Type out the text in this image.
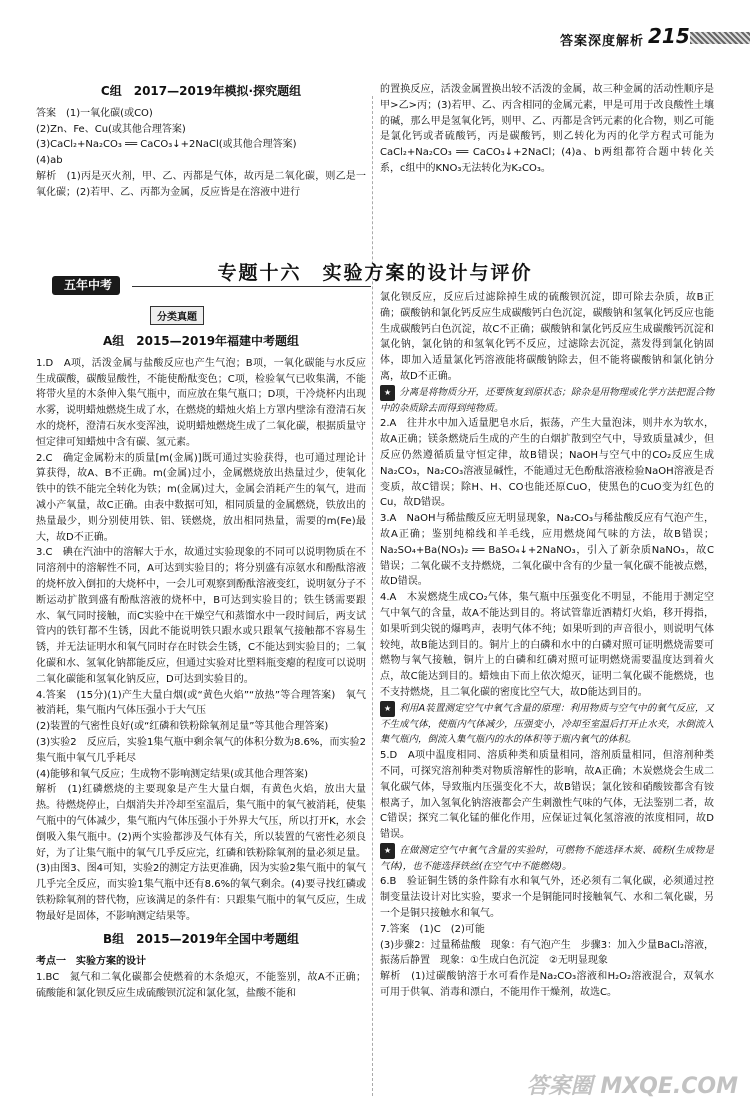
答案深度解析 215
C组　2017—2019年模拟·探究题组

答案　(1)一氧化碳(或CO)

(2)Zn、Fe、Cu(或其他合理答案)

(3)CaCl₂+Na₂CO₃ ══ CaCO₃↓+2NaCl(或其他合理答案)

(4)ab

解析　(1)丙是灭火剂，甲、乙、丙都是气体，故丙是二氧化碳，则乙是一氧化碳；(2)若甲、乙、丙都为金属，反应皆是在溶液中进行

的置换反应，活泼金属置换出较不活泼的金属，故三种金属的活动性顺序是甲>乙>丙；(3)若甲、乙、丙含相同的金属元素，甲是可用于改良酸性土壤的碱，那么甲是氢氧化钙，则甲、乙、丙都是含钙元素的化合物，则乙可能是氯化钙或者硫酸钙，丙是碳酸钙，则乙转化为丙的化学方程式可能为CaCl₂+Na₂CO₃ ══ CaCO₃↓+2NaCl；(4)a、b两组都符合题中转化关系，c组中的KNO₃无法转化为K₂CO₃。

专题十六　实验方案的设计与评价
五年中考
分类真题
A组　2015—2019年福建中考题组

1.D　A项，活泼金属与盐酸反应也产生气泡；B项，一氧化碳能与水反应生成碳酸，碳酸显酸性，不能使酚酞变色；C项，检验氧气已收集满，不能将带火星的木条伸入集气瓶中，而应放在集气瓶口；D项，干冷烧杯内出现水雾，说明蜡烛燃烧生成了水，在燃烧的蜡烛火焰上方罩内壁涂有澄清石灰水的烧杯，澄清石灰水变浑浊，说明蜡烛燃烧生成了二氧化碳，根据质量守恒定律可知蜡烛中含有碳、氢元素。

2.C　确定金属粉末的质量[m(金属)]既可通过实验获得，也可通过理论计算获得，故A、B不正确。m(金属)过小，金属燃烧放出热量过少，使氧化铁中的铁不能完全转化为铁；m(金属)过大，金属会消耗产生的氧气，进而减小产氧量，故C正确。由表中数据可知，相同质量的金属燃烧，铁放出的热量最少，则分别使用铁、铝、镁燃烧，放出相同热量，需要的m(Fe)最大，故D不正确。

3.C　碘在汽油中的溶解大于水，故通过实验现象的不同可以说明物质在不同溶剂中的溶解性不同，A可达到实验目的；将分别盛有凉氨水和酚酞溶液的烧杯放入倒扣的大烧杯中，一会儿可观察到酚酞溶液变红，说明氨分子不断运动扩散到盛有酚酞溶液的烧杯中，B可达到实验目的；铁生锈需要跟水、氧气同时接触，而C实验中在干燥空气和蒸馏水中一段时间后，两支试管内的铁钉都不生锈，因此不能说明铁只跟水或只跟氧气接触都不容易生锈，并无法证明水和氧气同时存在时铁会生锈，C不能达到实验目的；二氧化碳和水、氢氧化钠都能反应，但通过实验对比塑料瓶变瘪的程度可以说明二氧化碳能和氢氧化钠反应，D可达到实验目的。

4.答案　(15分)(1)产生大量白烟(或“黄色火焰”“放热”等合理答案)　氧气被消耗，集气瓶内气体压强小于大气压

(2)装置的气密性良好(或“红磷和铁粉除氧剂足量”等其他合理答案)

(3)实验2　反应后，实验1集气瓶中剩余氧气的体积分数为8.6%，而实验2集气瓶中氧气几乎耗尽

(4)能够和氧气反应；生成物不影响测定结果(或其他合理答案)

解析　(1)红磷燃烧的主要现象是产生大量白烟，有黄色火焰，放出大量热。待燃烧停止，白烟消失并冷却至室温后，集气瓶中的氧气被消耗，使集气瓶中的气体减少，集气瓶内气体压强小于外界大气压，所以打开K，水会倒吸入集气瓶中。(2)两个实验都涉及气体有关，所以装置的气密性必须良好，为了让集气瓶中的氧气几乎反应完，红磷和铁粉除氧剂的量必须足量。(3)由图3、图4可知，实验2的测定方法更准确，因为实验2集气瓶中的氧气几乎完全反应，而实验1集气瓶中还有8.6%的氧气剩余。(4)要寻找红磷或铁粉除氧剂的替代物，应该满足的条件有：只跟集气瓶中的氧气反应，生成物最好是固体，不影响测定结果等。

B组　2015—2019年全国中考题组

考点一　实验方案的设计

1.BC　氮气和二氧化碳都会使燃着的木条熄灭，不能鉴别，故A不正确；硫酸能和氯化钡反应生成硫酸钡沉淀和氯化氢，盐酸不能和

氯化钡反应，反应后过滤除掉生成的硫酸钡沉淀，即可除去杂质，故B正确；碳酸钠和氯化钙反应生成碳酸钙白色沉淀，碳酸钠和氢氧化钙反应也能生成碳酸钙白色沉淀，故C不正确；碳酸钠和氯化钙反应生成碳酸钙沉淀和氯化钠，氯化钠的和氢氧化钙不反应，过滤除去沉淀，蒸发得到氯化钠固体，即加入适量氯化钙溶液能将碳酸钠除去，但不能将碳酸钠和氯化钠分离，故D不正确。

★ 分离是将物质分开，还要恢复到原状态；除杂是用物理或化学方法把混合物中的杂质除去而得到纯物质。

2.A　往井水中加入适量肥皂水后，振荡，产生大量泡沫，则井水为软水，故A正确；镁条燃烧后生成的产生的白烟扩散到空气中，导致质量减少，但反应仍然遵循质量守恒定律，故B错误；NaOH与空气中的CO₂反应生成Na₂CO₃，Na₂CO₃溶液显碱性，不能通过无色酚酞溶液检验NaOH溶液是否变质，故C错误；除H、H、CO也能还原CuO，使黑色的CuO变为红色的Cu，故D错误。

3.A　NaOH与稀盐酸反应无明显现象，Na₂CO₃与稀盐酸反应有气泡产生，故A正确；鉴别纯棉线和羊毛线，应用燃烧闻气味的方法，故B错误；Na₂SO₄+Ba(NO₃)₂ ══ BaSO₄↓+2NaNO₃，引入了新杂质NaNO₃，故C错误；二氧化碳不支持燃烧，二氧化碳中含有的少量一氧化碳不能被点燃，故D错误。

4.A　木炭燃烧生成CO₂气体，集气瓶中压强变化不明显，不能用于测定空气中氧气的含量，故A不能达到目的。将试管靠近酒精灯火焰，移开拇指，如果听到尖锐的爆鸣声，表明气体不纯；如果听到的声音很小，则说明气体较纯，故B能达到目的。铜片上的白磷和水中的白磷对照可证明燃烧需要可燃物与氧气接触，铜片上的白磷和红磷对照可证明燃烧需要温度达到着火点，故C能达到目的。蜡烛由下而上依次熄灭，证明二氧化碳不能燃烧，也不支持燃烧，且二氧化碳的密度比空气大，故D能达到目的。

★ 利用A装置测定空气中氧气含量的原理：利用物质与空气中的氧气反应，又不生成气体，使瓶内气体减少，压强变小，冷却至室温后打开止水夹，水倒流入集气瓶内，倒流入集气瓶内的水的体积等于瓶内氧气的体积。

5.D　A项中温度相同、溶质种类和质量相同，溶剂质量相同，但溶剂种类不同，可探究溶剂种类对物质溶解性的影响，故A正确；木炭燃烧会生成二氧化碳气体，导致瓶内压强变化不大，故B错误；氯化铵和硝酸铵都含有铵根离子，加入氢氧化钠溶液都会产生刺激性气味的气体，无法鉴别二者，故C错误；探究二氧化锰的催化作用，应保证过氧化氢溶液的浓度相同，故D错误。

★ 在做测定空气中氧气含量的实验时，可燃物不能选择木炭、硫粉(生成物是气体)，也不能选择铁丝(在空气中不能燃烧)。

6.B　验证铜生锈的条件除有水和氧气外，还必须有二氧化碳，必须通过控制变量法设计对比实验，要求一个是铜能同时接触氧气、水和二氧化碳，另一个是铜只接触水和氧气。

7.答案　(1)C　(2)可能

(3)步骤2：过量稀盐酸　现象：有气泡产生　步骤3：加入少量BaCl₂溶液，振荡后静置　现象：①生成白色沉淀　②无明显现象

解析　(1)过碳酸钠溶于水可看作是Na₂CO₃溶液和H₂O₂溶液混合，双氧水可用于供氧、消毒和漂白，不能用作干燥剂，故选C。

答案圈 MXQE.COM
